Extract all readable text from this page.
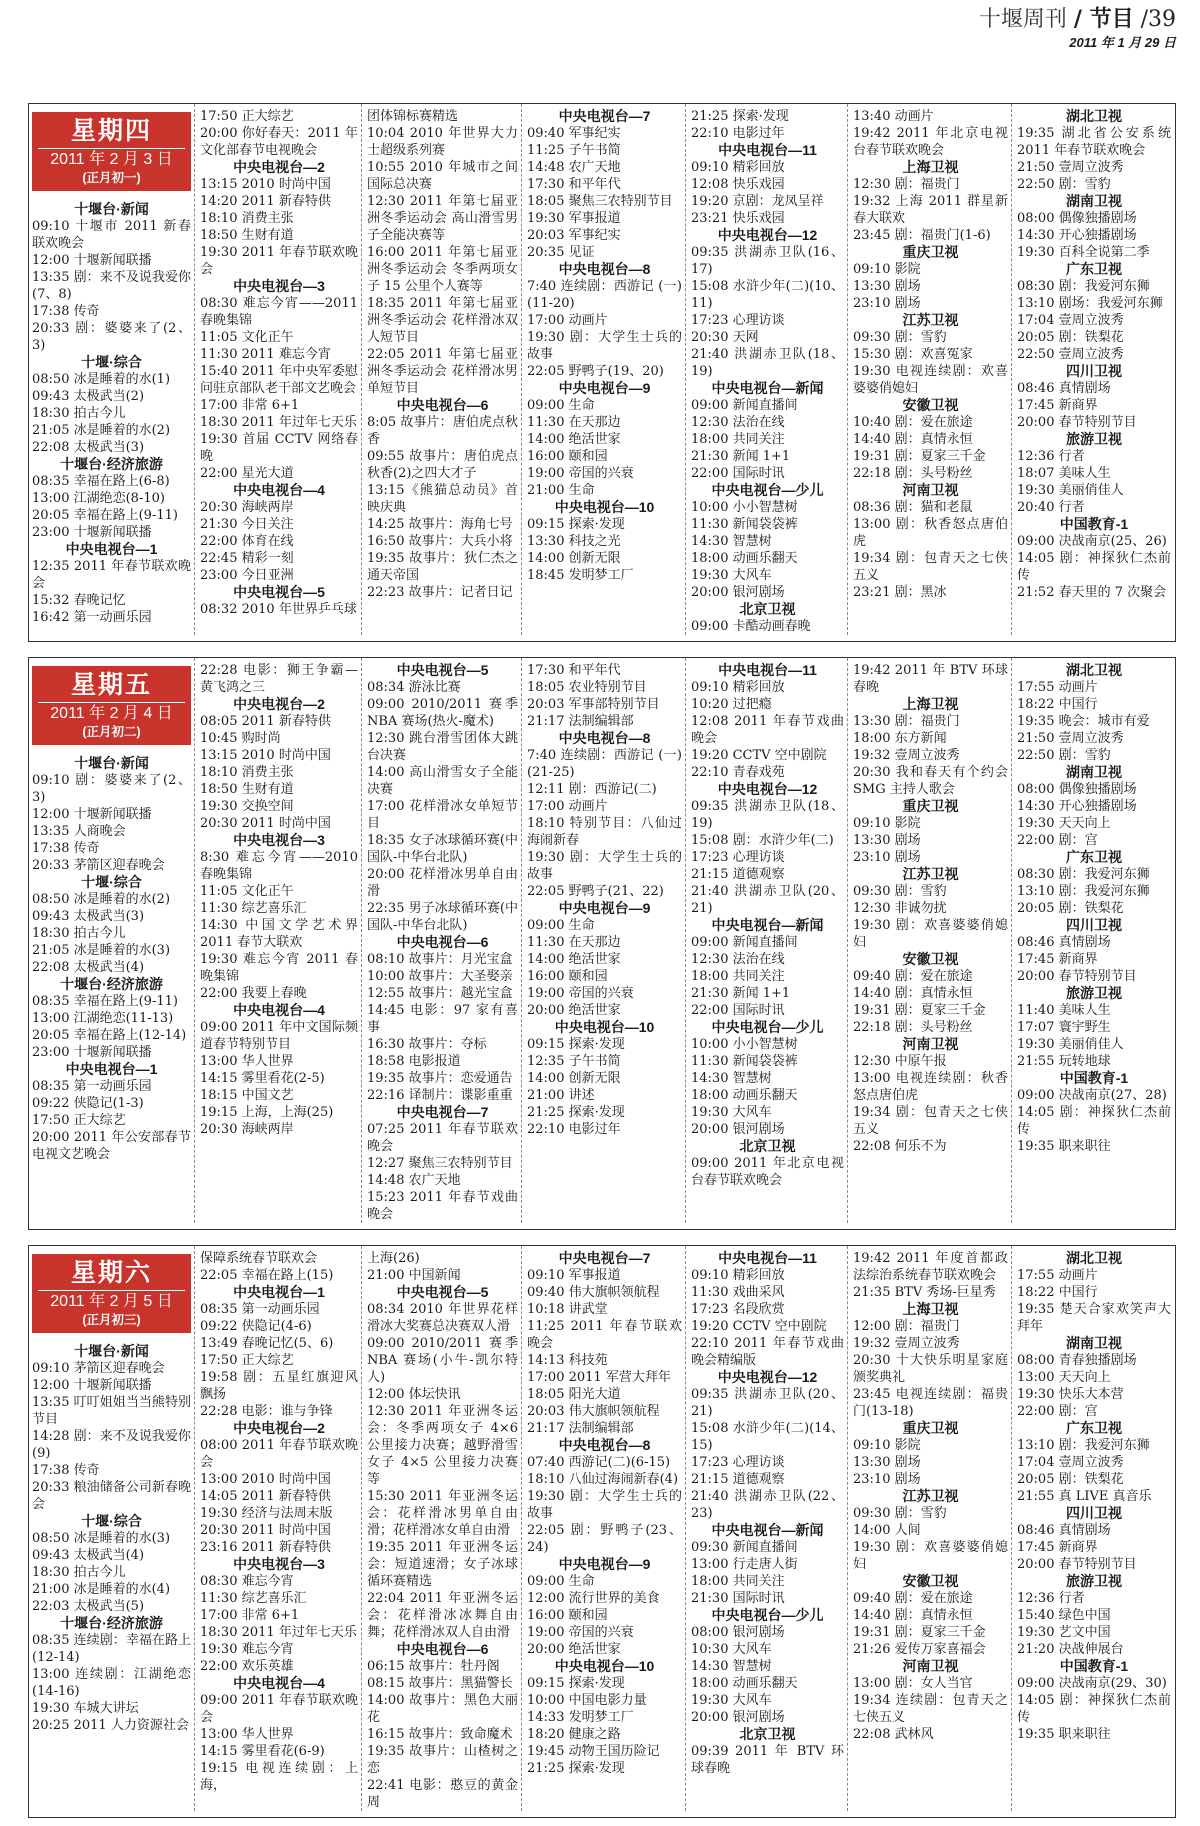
十堰周刊 / 节目 /39
2011 年 1 月 29 日
星期四
2011 年 2 月 3 日
(正月初一)
十堰台·新闻
09:10 十堰市 2011 新春联欢晚会
12:00 十堰新闻联播
13:35 剧：来不及说我爱你 (7、8)
17:38 传奇
20:33 剧：婆婆来了(2、3)
十堰·综合
08:50 冰是睡着的水(1)
09:43 太极武当(2)
18:30 拍古今儿
21:05 冰是睡着的水(2)
22:08 太极武当(3)
十堰台·经济旅游
08:35 幸福在路上(6-8)
13:00 江湖绝恋(8-10)
20:05 幸福在路上(9-11)
23:00 十堰新闻联播
中央电视台—1
12:35 2011 年春节联欢晚会
15:32 春晚记忆
16:42 第一动画乐园
17:50 正大综艺
20:00 你好春天：2011 年文化部春节电视晚会
中央电视台—2
13:15 2010 时尚中国
14:20 2011 新春特供
18:10 消费主张
18:50 生财有道
19:30 2011 年春节联欢晚会
中央电视台—3
08:30 难忘今宵——2011 春晚集锦
11:05 文化正午
11:30 2011 难忘今宵
15:40 2011 年中央军委慰问驻京部队老干部文艺晚会
17:00 非常 6+1
18:30 2011 年过年七天乐
19:30 首届 CCTV 网络春晚
22:00 星光大道
中央电视台—4
20:30 海峡两岸
21:30 今日关注
22:00 体育在线
22:45 精彩一刻
23:00 今日亚洲
中央电视台—5
08:32 2010 年世界乒乓球
团体锦标赛精选
10:04 2010 年世界大力士超级系列赛
10:55 2010 年城市之间国际总决赛
12:30 2011 年第七届亚洲冬季运动会 高山滑雪男子全能决赛等
16:00 2011 年第七届亚洲冬季运动会 冬季两项女子 15 公里个人赛等
18:35 2011 年第七届亚洲冬季运动会 花样滑冰双人短节目
22:05 2011 年第七届亚洲冬季运动会 花样滑冰男单短节目
中央电视台—6
8:05 故事片：唐伯虎点秋香
09:55 故事片：唐伯虎点秋香(2)之四大才子
13:15《熊猫总动员》首映庆典
14:25 故事片：海角七号
16:50 故事片：大兵小将
19:35 故事片：狄仁杰之通天帝国
22:23 故事片：记者日记
中央电视台—7
09:40 军事纪实
11:25 子午书简
14:48 农广天地
17:30 和平年代
18:05 聚焦三农特别节目
19:30 军事报道
20:03 军事纪实
20:35 见证
中央电视台—8
7:40 连续剧：西游记 (一)(11-20)
17:00 动画片
19:30 剧：大学生士兵的故事
22:05 野鸭子(19、20)
中央电视台—9
09:00 生命
11:30 在天那边
14:00 绝活世家
16:00 颐和园
19:00 帝国的兴衰
21:00 生命
中央电视台—10
09:15 探索·发现
13:30 科技之光
14:00 创新无限
18:45 发明梦工厂
21:25 探索·发现
22:10 电影过年
中央电视台—11
09:10 精彩回放
12:08 快乐戏园
19:20 京剧：龙凤呈祥
23:21 快乐戏园
中央电视台—12
09:35 洪湖赤卫队(16、17)
15:08 水浒少年(二)(10、11)
17:23 心理访谈
20:30 天网
21:40 洪湖赤卫队(18、19)
中央电视台—新闻
09:00 新闻直播间
12:30 法治在线
18:00 共同关注
21:30 新闻 1+1
22:00 国际时讯
中央电视台—少儿
10:00 小小智慧树
11:30 新闻袋袋裤
14:30 智慧树
18:00 动画乐翻天
19:30 大风车
20:00 银河剧场
北京卫视
09:00 卡酷动画春晚
13:40 动画片
19:42 2011 年北京电视台春节联欢晚会
上海卫视
12:30 剧：福贵门
19:32 上海 2011 群星新春大联欢
23:45 剧：福贵门(1-6)
重庆卫视
09:10 影院
13:30 剧场
23:10 剧场
江苏卫视
09:30 剧：雪豹
15:30 剧：欢喜冤家
19:30 电视连续剧：欢喜婆婆俏媳妇
安徽卫视
10:40 剧：爱在旅途
14:40 剧：真情永恒
19:31 剧：夏家三千金
22:18 剧：头号粉丝
河南卫视
08:36 剧：猫和老鼠
13:00 剧：秋香怒点唐伯虎
19:34 剧：包青天之七侠五义
23:21 剧：黑冰
湖北卫视
19:35 湖北省公安系统 2011 年春节联欢晚会
21:50 壹周立波秀
22:50 剧：雪豹
湖南卫视
08:00 偶像独播剧场
14:30 开心独播剧场
19:30 百科全说第二季
广东卫视
08:30 剧：我爱河东狮
13:10 剧场：我爱河东狮
17:04 壹周立波秀
20:05 剧：铁梨花
22:50 壹周立波秀
四川卫视
08:46 真情剧场
17:45 新商界
20:00 春节特别节目
旅游卫视
12:36 行者
18:07 美味人生
19:30 美丽俏佳人
20:40 行者
中国教育-1
09:00 决战南京(25、26)
14:05 剧：神探狄仁杰前传
21:52 春天里的 7 次聚会
星期五
2011 年 2 月 4 日
(正月初二)
十堰台·新闻
09:10 剧：婆婆来了(2、3)
12:00 十堰新闻联播
13:35 人商晚会
17:38 传奇
20:33 茅箭区迎春晚会
十堰·综合
08:50 冰是睡着的水(2)
09:43 太极武当(3)
18:30 拍古今儿
21:05 冰是睡着的水(3)
22:08 太极武当(4)
十堰台·经济旅游
08:35 幸福在路上(9-11)
13:00 江湖绝恋(11-13)
20:05 幸福在路上(12-14)
23:00 十堰新闻联播
中央电视台—1
08:35 第一动画乐园
09:22 侠隐记(1-3)
17:50 正大综艺
20:00 2011 年公安部春节电视文艺晚会
22:28 电影：狮王争霸—黄飞鸿之三
中央电视台—2
08:05 2011 新春特供
10:45 购时尚
13:15 2010 时尚中国
18:10 消费主张
18:50 生财有道
19:30 交换空间
20:30 2011 时尚中国
中央电视台—3
8:30 难忘今宵——2010 春晚集锦
11:05 文化正午
11:30 综艺喜乐汇
14:30 中国文学艺术界 2011 春节大联欢
19:30 难忘今宵 2011 春晚集锦
22:00 我要上春晚
中央电视台—4
09:00 2011 年中文国际频道春节特别节目
13:00 华人世界
14:15 雾里看花(2-5)
18:15 中国文艺
19:15 上海，上海(25)
20:30 海峡两岸
中央电视台—5
08:34 游泳比赛
09:00 2010/2011 赛季 NBA 赛场(热火-魔术)
12:30 跳台滑雪团体大跳台决赛
14:00 高山滑雪女子全能决赛
17:00 花样滑冰女单短节目
18:35 女子冰球循环赛(中国队-中华台北队)
20:00 花样滑冰男单自由滑
22:35 男子冰球循环赛(中国队-中华台北队)
中央电视台—6
08:10 故事片：月光宝盒
10:00 故事片：大圣娶亲
12:55 故事片：越光宝盒
14:45 电影：97 家有喜事
16:30 故事片：夺标
18:58 电影报道
19:35 故事片：恋爱通告
22:16 译制片：谍影重重
中央电视台—7
07:25 2011 年春节联欢晚会
12:27 聚焦三农特别节目
14:48 农广天地
15:23 2011 年春节戏曲晚会
17:30 和平年代
18:05 农业特别节目
20:03 军事部特别节目
21:17 法制编辑部
中央电视台—8
7:40 连续剧：西游记 (一)(21-25)
12:11 剧：西游记(二)
17:00 动画片
18:10 特别节目：八仙过海闹新春
19:30 剧：大学生士兵的故事
22:05 野鸭子(21、22)
中央电视台—9
09:00 生命
11:30 在天那边
14:00 绝活世家
16:00 颐和园
19:00 帝国的兴衰
20:00 绝活世家
中央电视台—10
09:15 探索·发现
12:35 子午书简
14:00 创新无限
21:00 讲述
21:25 探索·发现
22:10 电影过年
中央电视台—11
09:10 精彩回放
10:20 过把瘾
12:08 2011 年春节戏曲晚会
19:20 CCTV 空中剧院
22:10 青春戏苑
中央电视台—12
09:35 洪湖赤卫队(18、19)
15:08 剧：水浒少年(二)
17:23 心理访谈
21:15 道德观察
21:40 洪湖赤卫队(20、21)
中央电视台—新闻
09:00 新闻直播间
12:30 法治在线
18:00 共同关注
21:30 新闻 1+1
22:00 国际时讯
中央电视台—少儿
10:00 小小智慧树
11:30 新闻袋袋裤
14:30 智慧树
18:00 动画乐翻天
19:30 大风车
20:00 银河剧场
北京卫视
09:00 2011 年北京电视台春节联欢晚会
19:42 2011 年 BTV 环球春晚
上海卫视
13:30 剧：福贵门
18:00 东方新闻
19:32 壹周立波秀
20:30 我和春天有个约会 SMG 主持人歌会
重庆卫视
09:10 影院
13:30 剧场
23:10 剧场
江苏卫视
09:30 剧：雪豹
12:30 非诚勿扰
19:30 剧：欢喜婆婆俏媳妇
安徽卫视
09:40 剧：爱在旅途
14:40 剧：真情永恒
19:31 剧：夏家三千金
22:18 剧：头号粉丝
河南卫视
12:30 中原午报
13:00 电视连续剧：秋香怒点唐伯虎
19:34 剧：包青天之七侠五义
22:08 何乐不为
湖北卫视
17:55 动画片
18:22 中国行
19:35 晚会：城市有爱
21:50 壹周立波秀
22:50 剧：雪豹
湖南卫视
08:00 偶像独播剧场
14:30 开心独播剧场
19:30 天天向上
22:00 剧：宫
广东卫视
08:30 剧：我爱河东狮
13:10 剧：我爱河东狮
20:05 剧：铁梨花
四川卫视
08:46 真情剧场
17:45 新商界
20:00 春节特别节目
旅游卫视
11:40 美味人生
17:07 寰宇野生
19:30 美丽俏佳人
21:55 玩转地球
中国教育-1
09:00 决战南京(27、28)
14:05 剧：神探狄仁杰前传
19:35 职来职往
星期六
2011 年 2 月 5 日
(正月初三)
十堰台·新闻
09:10 茅箭区迎春晚会
12:00 十堰新闻联播
13:35 叮叮姐姐当当熊特别节目
14:28 剧：来不及说我爱你(9)
17:38 传奇
20:33 粮油储备公司新春晚会
十堰·综合
08:50 冰是睡着的水(3)
09:43 太极武当(4)
18:30 拍古今儿
21:00 冰是睡着的水(4)
22:03 太极武当(5)
十堰台·经济旅游
08:35 连续剧：幸福在路上(12-14)
13:00 连续剧：江湖绝恋(14-16)
19:30 车城大讲坛
20:25 2011 人力资源社会
保障系统春节联欢会
22:05 幸福在路上(15)
中央电视台—1
08:35 第一动画乐园
09:22 侠隐记(4-6)
13:49 春晚记忆(5、6)
17:50 正大综艺
19:58 剧：五星红旗迎风飘扬
22:28 电影：谁与争锋
中央电视台—2
08:00 2011 年春节联欢晚会
13:00 2010 时尚中国
14:05 2011 新春特供
19:30 经济与法周末版
20:30 2011 时尚中国
23:16 2011 新春特供
中央电视台—3
08:30 难忘今宵
11:30 综艺喜乐汇
17:00 非常 6+1
18:30 2011 年过年七天乐
19:30 难忘今宵
22:00 欢乐英雄
中央电视台—4
09:00 2011 年春节联欢晚会
13:00 华人世界
14:15 雾里看花(6-9)
19:15 电视连续剧：上海，
上海(26)
21:00 中国新闻
中央电视台—5
08:34 2010 年世界花样滑冰大奖赛总决赛双人滑
09:00 2010/2011 赛季 NBA 赛场(小牛-凯尔特人)
12:00 体坛快讯
12:30 2011 年亚洲冬运会：冬季两项女子 4×6 公里接力决赛；越野滑雪女子 4×5 公里接力决赛等
15:30 2011 年亚洲冬运会：花样滑冰男单自由滑；花样滑冰女单自由滑
19:35 2011 年亚洲冬运会：短道速滑；女子冰球循环赛精选
22:04 2011 年亚洲冬运会：花样滑冰冰舞自由舞；花样滑冰双人自由滑
中央电视台—6
06:15 故事片：牡丹阁
08:15 故事片：黑猫警长
14:00 故事片：黑色大丽花
16:15 故事片：致命魔术
19:35 故事片：山楂树之恋
22:41 电影：憨豆的黄金周
中央电视台—7
09:10 军事报道
09:40 伟大旗帜领航程
10:18 讲武堂
11:25 2011 年春节联欢晚会
14:13 科技苑
17:00 2011 军营大拜年
18:05 阳光大道
20:03 伟大旗帜领航程
21:17 法制编辑部
中央电视台—8
07:40 西游记(二)(6-15)
18:10 八仙过海闹新春(4)
19:30 剧：大学生士兵的故事
22:05 剧：野鸭子(23、24)
中央电视台—9
09:00 生命
12:00 流行世界的美食
16:00 颐和园
19:00 帝国的兴衰
20:00 绝活世家
中央电视台—10
09:15 探索·发现
10:00 中国电影力量
14:33 发明梦工厂
18:20 健康之路
19:45 动物王国历险记
21:25 探索·发现
中央电视台—11
09:10 精彩回放
11:30 戏曲采风
17:23 名段欣赏
19:20 CCTV 空中剧院
22:10 2011 年春节戏曲晚会精编版
中央电视台—12
09:35 洪湖赤卫队(20、21)
15:08 水浒少年(二)(14、15)
17:23 心理访谈
21:15 道德观察
21:40 洪湖赤卫队(22、23)
中央电视台—新闻
09:30 新闻直播间
13:00 行走唐人街
18:00 共同关注
21:30 国际时讯
中央电视台—少儿
08:00 银河剧场
10:30 大风车
14:30 智慧树
18:00 动画乐翻天
19:30 大风车
20:00 银河剧场
北京卫视
09:39 2011 年 BTV 环球春晚
19:42 2011 年度首都政法综治系统春节联欢晚会
21:35 BTV 秀场-巨星秀
上海卫视
12:00 剧：福贵门
19:32 壹周立波秀
20:30 十大快乐明星家庭颁奖典礼
23:45 电视连续剧：福贵门(13-18)
重庆卫视
09:10 影院
13:30 剧场
23:10 剧场
江苏卫视
09:30 剧：雪豹
14:00 人间
19:30 剧：欢喜婆婆俏媳妇
安徽卫视
09:40 剧：爱在旅途
14:40 剧：真情永恒
19:31 剧：夏家三千金
21:26 爱传万家喜福会
河南卫视
13:00 剧：女人当官
19:34 连续剧：包青天之七侠五义
22:08 武林风
湖北卫视
17:55 动画片
18:22 中国行
19:35 楚天合家欢笑声大拜年
湖南卫视
08:00 青春独播剧场
13:00 天天向上
19:30 快乐大本营
22:00 剧：宫
广东卫视
13:10 剧：我爱河东狮
17:04 壹周立波秀
20:05 剧：铁梨花
21:55 真 LIVE 真音乐
四川卫视
08:46 真情剧场
17:45 新商界
20:00 春节特别节目
旅游卫视
12:36 行者
15:40 绿色中国
19:30 艺文中国
21:20 决战伸展台
中国教育-1
09:00 决战南京(29、30)
14:05 剧：神探狄仁杰前传
19:35 职来职往
